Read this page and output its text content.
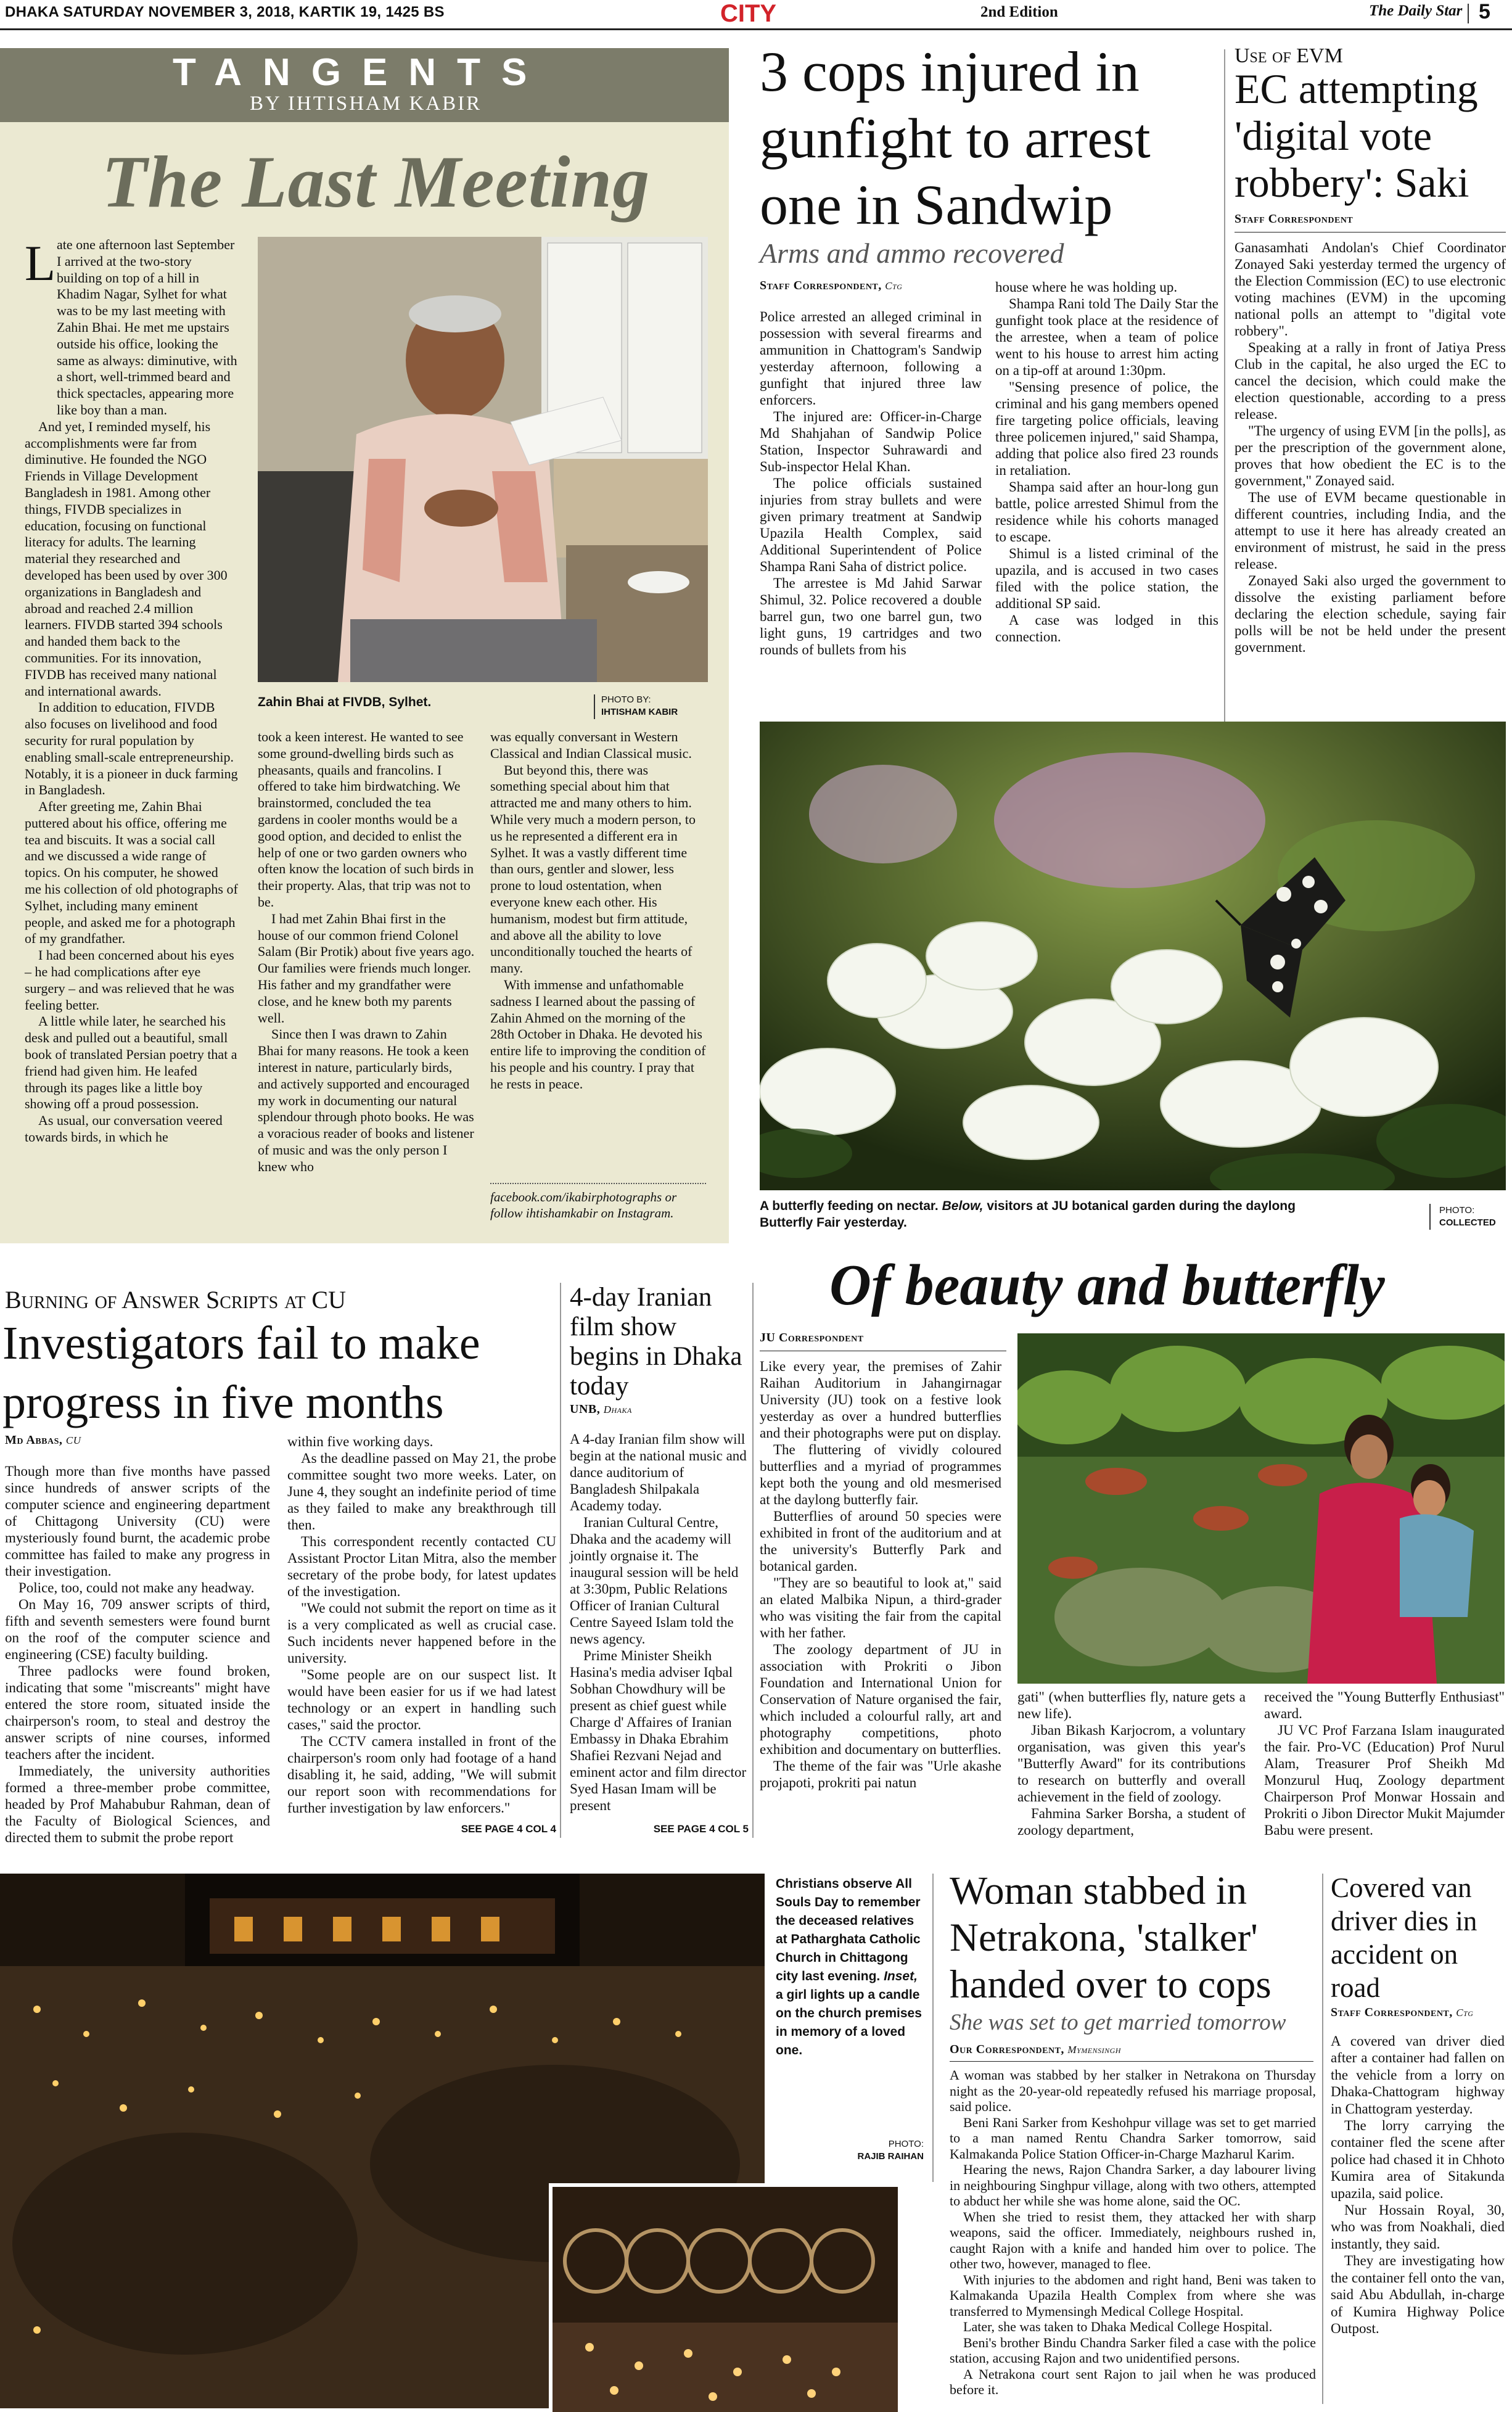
DHAKA SATURDAY NOVEMBER 3, 2018, KARTIK 19, 1425 BS	CITY	2nd Edition	The Daily Star 5
TANGENTS
BY IHTISHAM KABIR
The Last Meeting
Zahin Bhai at FIVDB, Sylhet.	PHOTO BY:
IHTISHAM KABIR
L ate one afternoon last September I arrived at the two-story building on top of a hill in Khadim Nagar, Sylhet for what was to be my last meeting with Zahin Bhai. He met me upstairs outside his office, looking the same as always: diminutive, with a short, well-trimmed beard and thick spectacles, appearing more like boy than a man.

And yet, I reminded myself, his accomplishments were far from diminutive. He founded the NGO Friends in Village Development Bangladesh in 1981. Among other things, FIVDB specializes in education, focusing on functional literacy for adults. The learning material they researched and developed has been used by over 300 organizations in Bangladesh and abroad and reached 2.4 million learners. FIVDB started 394 schools and handed them back to the communities. For its innovation, FIVDB has received many national and international awards.

In addition to education, FIVDB also focuses on livelihood and food security for rural population by enabling small-scale entrepreneurship. Notably, it is a pioneer in duck farming in Bangladesh.

After greeting me, Zahin Bhai puttered about his office, offering me tea and biscuits. It was a social call and we discussed a wide range of topics. On his computer, he showed me his collection of old photographs of Sylhet, including many eminent people, and asked me for a photograph of my grandfather.

I had been concerned about his eyes – he had complications after eye surgery – and was relieved that he was feeling better.

A little while later, he searched his desk and pulled out a beautiful, small book of translated Persian poetry that a friend had given him. He leafed through its pages like a little boy showing off a proud possession.

As usual, our conversation veered towards birds, in which he

took a keen interest. He wanted to see some ground-dwelling birds such as pheasants, quails and francolins. I offered to take him birdwatching. We brainstormed, concluded the tea gardens in cooler months would be a good option, and decided to enlist the help of one or two garden owners who often know the location of such birds in their property. Alas, that trip was not to be.

I had met Zahin Bhai first in the house of our common friend Colonel Salam (Bir Protik) about five years ago. Our families were friends much longer. His father and my grandfather were close, and he knew both my parents well.

Since then I was drawn to Zahin Bhai for many reasons. He took a keen interest in nature, particularly birds, and actively supported and encouraged my work in documenting our natural splendour through photo books. He was a voracious reader of books and listener of music and was the only person I knew who

was equally conversant in Western Classical and Indian Classical music.

But beyond this, there was something special about him that attracted me and many others to him. While very much a modern person, to us he represented a different era in Sylhet. It was a vastly different time than ours, gentler and slower, less prone to loud ostentation, when everyone knew each other. His humanism, modest but firm attitude, and above all the ability to love unconditionally touched the hearts of many.

With immense and unfathomable sadness I learned about the passing of Zahin Ahmed on the morning of the 28th October in Dhaka. He devoted his entire life to improving the condition of his people and his country. I pray that he rests in peace.

facebook.com/ikabirphotographs or follow ihtishamkabir on Instagram.
3 cops injured in gunfight to arrest one in Sandwip
Arms and ammo recovered
Staff Correspondent, Ctg

Police arrested an alleged criminal in possession with several firearms and ammunition in Chattogram's Sandwip yesterday afternoon, following a gunfight that injured three law enforcers.

The injured are: Officer-in-Charge Md Shahjahan of Sandwip Police Station, Inspector Suhrawardi and Sub-inspector Helal Khan.

The police officials sustained injuries from stray bullets and were given primary treatment at Sandwip Upazila Health Complex, said Additional Superintendent of Police Shampa Rani Saha of district police.

The arrestee is Md Jahid Sarwar Shimul, 32. Police recovered a double barrel gun, two one barrel gun, two light guns, 19 cartridges and two rounds of bullets from his

house where he was holding up.

Shampa Rani told The Daily Star the gunfight took place at the residence of the arrestee, when a team of police went to his house to arrest him acting on a tip-off at around 1:30pm.

"Sensing presence of police, the criminal and his gang members opened fire targeting police officials, leaving three policemen injured," said Shampa, adding that police also fired 23 rounds in retaliation.

Shampa said after an hour-long gun battle, police arrested Shimul from the residence while his cohorts managed to escape.

Shimul is a listed criminal of the upazila, and is accused in two cases filed with the police station, the additional SP said.

A case was lodged in this connection.

Use of EVM
EC attempting 'digital vote robbery': Saki
Staff Correspondent

Ganasamhati Andolan's Chief Coordinator Zonayed Saki yesterday termed the urgency of the Election Commission (EC) to use electronic voting machines (EVM) in the upcoming national polls an attempt to "digital vote robbery".

Speaking at a rally in front of Jatiya Press Club in the capital, he also urged the EC to cancel the decision, which could make the election questionable, according to a press release.

"The urgency of using EVM [in the polls], as per the prescription of the government alone, proves that how obedient the EC is to the government," Zonayed said.

The use of EVM became questionable in different countries, including India, and the attempt to use it here has already created an environment of mistrust, he said in the press release.

Zonayed Saki also urged the government to dissolve the existing parliament before declaring the election schedule, saying fair polls will be not be held under the present government.

A butterfly feeding on nectar. Below, visitors at JU botanical garden during the daylong Butterfly Fair yesterday.
PHOTO:
COLLECTED
Burning of Answer Scripts at CU
Investigators fail to make progress in five months
Md Abbas, CU

Though more than five months have passed since hundreds of answer scripts of the computer science and engineering department of Chittagong University (CU) were mysteriously found burnt, the academic probe committee has failed to make any progress in their investigation.

Police, too, could not make any headway.

On May 16, 709 answer scripts of third, fifth and seventh semesters were found burnt on the roof of the computer science and engineering (CSE) faculty building.

Three padlocks were found broken, indicating that some "miscreants" might have entered the store room, situated inside the chairperson's room, to steal and destroy the answer scripts of nine courses, informed teachers after the incident.

Immediately, the university authorities formed a three-member probe committee, headed by Prof Mahabubur Rahman, dean of the Faculty of Biological Sciences, and directed them to submit the probe report

within five working days.

As the deadline passed on May 21, the probe committee sought two more weeks. Later, on June 4, they sought an indefinite period of time as they failed to make any breakthrough till then.

This correspondent recently contacted CU Assistant Proctor Litan Mitra, also the member secretary of the probe body, for latest updates of the investigation.

"We could not submit the report on time as it is a very complicated as well as crucial case. Such incidents never happened before in the university.

"Some people are on our suspect list. It would have been easier for us if we had latest technology or an expert in handling such cases," said the proctor.

The CCTV camera installed in front of the chairperson's room only had footage of a hand disabling it, he said, adding, "We will submit our report soon with recommendations for further investigation by law enforcers."

SEE PAGE 4 COL 4
4-day Iranian film show begins in Dhaka today
UNB, Dhaka

A 4-day Iranian film show will begin at the national music and dance auditorium of Bangladesh Shilpakala Academy today.

Iranian Cultural Centre, Dhaka and the academy will jointly orgnaise it. The inaugural session will be held at 3:30pm, Public Relations Officer of Iranian Cultural Centre Sayeed Islam told the news agency.

Prime Minister Sheikh Hasina's media adviser Iqbal Sobhan Chowdhury will be present as chief guest while Charge d' Affaires of Iranian Embassy in Dhaka Ebrahim Shafiei Rezvani Nejad and eminent actor and film director Syed Hasan Imam will be present

SEE PAGE 4 COL 5
Of beauty and butterfly
JU Correspondent

Like every year, the premises of Zahir Raihan Auditorium in Jahangirnagar University (JU) took on a festive look yesterday as over a hundred butterflies and their photographs were put on display.

The fluttering of vividly coloured butterflies and a myriad of programmes kept both the young and old mesmerised at the daylong butterfly fair.

Butterflies of around 50 species were exhibited in front of the auditorium and at the university's Butterfly Park and botanical garden.

"They are so beautiful to look at," said an elated Malbika Nipun, a third-grader who was visiting the fair from the capital with her father.

The zoology department of JU in association with Prokriti o Jibon Foundation and International Union for Conservation of Nature organised the fair, which included a colourful rally, art and photography competitions, photo exhibition and documentary on butterflies.

The theme of the fair was "Urle akashe projapoti, prokriti pai natun

gati" (when butterflies fly, nature gets a new life).

Jiban Bikash Karjocrom, a voluntary organisation, was given this year's "Butterfly Award" for its contributions to research on butterfly and overall achievement in the field of zoology.

Fahmina Sarker Borsha, a student of zoology department,

received the "Young Butterfly Enthusiast" award.

JU VC Prof Farzana Islam inaugurated the fair. Pro-VC (Education) Prof Nurul Alam, Treasurer Prof Sheikh Md Monzurul Huq, Zoology department Chairperson Prof Monwar Hossain and Prokriti o Jibon Director Mukit Majumder Babu were present.

Christians observe All Souls Day to remember the deceased relatives at Patharghata Catholic Church in Chittagong city last evening. Inset, a girl lights up a candle on the church premises in memory of a loved one.
PHOTO:
RAJIB RAIHAN
Woman stabbed in Netrakona, 'stalker' handed over to cops
She was set to get married tomorrow
Our Correspondent, Mymensingh

A woman was stabbed by her stalker in Netrakona on Thursday night as the 20-year-old repeatedly refused his marriage proposal, said police.

Beni Rani Sarker from Keshohpur village was set to get married to a man named Rentu Chandra Sarker tomorrow, said Kalmakanda Police Station Officer-in-Charge Mazharul Karim.

Hearing the news, Rajon Chandra Sarker, a day labourer living in neighbouring Singhpur village, along with two others, attempted to abduct her while she was home alone, said the OC.

When she tried to resist them, they attacked her with sharp weapons, said the officer. Immediately, neighbours rushed in, caught Rajon with a knife and handed him over to police. The other two, however, managed to flee.

With injuries to the abdomen and right hand, Beni was taken to Kalmakanda Upazila Health Complex from where she was transferred to Mymensingh Medical College Hospital.

Later, she was taken to Dhaka Medical College Hospital.

Beni's brother Bindu Chandra Sarker filed a case with the police station, accusing Rajon and two unidentified persons.

A Netrakona court sent Rajon to jail when he was produced before it.

Covered van driver dies in accident on road
Staff Correspondent, Ctg

A covered van driver died after a container had fallen on the vehicle from a lorry on Dhaka-Chattogram highway in Chattogram yesterday.

The lorry carrying the container fled the scene after police had chased it in Chhoto Kumira area of Sitakunda upazila, said police.

Nur Hossain Royal, 30, who was from Noakhali, died instantly, they said.

They are investigating how the container fell onto the van, said Abu Abdullah, in-charge of Kumira Highway Police Outpost.
